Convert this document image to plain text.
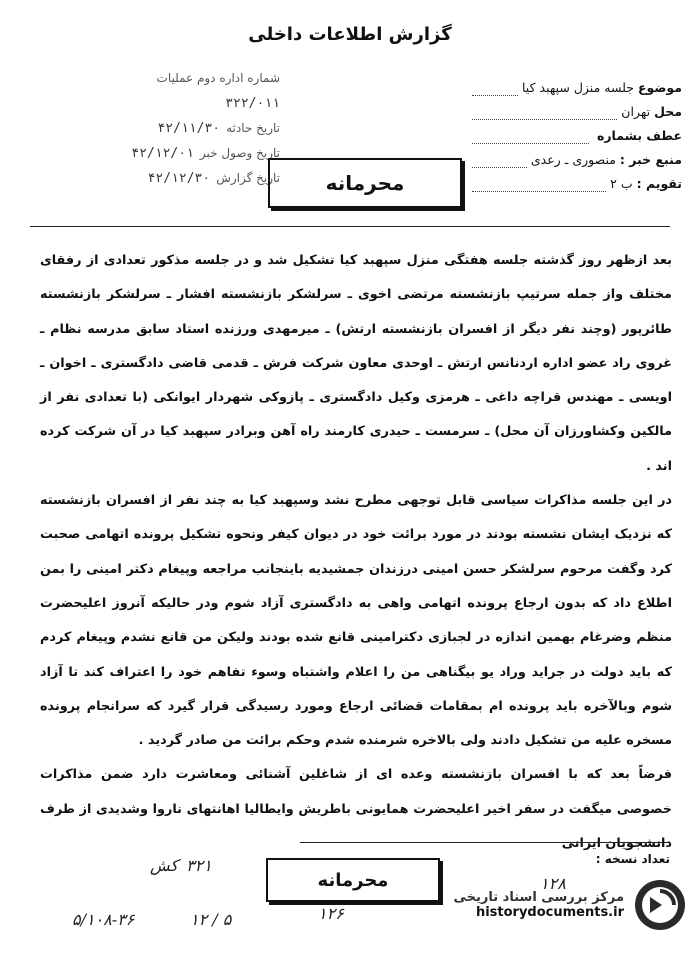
گزارش اطلاعات داخلی
موضوع
جلسه منزل سپهبد کیا
محل
تهران
عطف بشماره
منبع خبر :
منصوری ـ رعدی
تقویم :
ب ۲
شماره اداره دوم عملیات
۳۲۲/۰۱۱
تاریخ حادثه
۴۲/۱۱/۳۰
تاریخ وصول خبر
۴۲/۱۲/۰۱
تاریخ گزارش
۴۲/۱۲/۳۰	محرمانه

بعد ازظهر روز گذشته جلسه هفتگی منزل سپهبد کیا تشکیل شد و در جلسه مذکور تعدادی از رفقای مختلف واز جمله سرتیپ بازنشسته مرتضی اخوی ـ سرلشکر بازنشسته افشار ـ سرلشکر بازنشسته طائرپور (وچند نفر دیگر از افسران بازنشسته ارتش) ـ میرمهدی ورزنده استاد سابق مدرسه نظام ـ غروی راد عضو اداره اردنانس ارتش ـ اوحدی معاون شرکت فرش ـ قدمی قاضی دادگستری ـ اخوان ـ اویسی ـ مهندس قراچه داغی ـ هرمزی وکیل دادگستری ـ پازوکی شهردار ایوانکی (با تعدادی نفر از مالکین وکشاورزان آن محل) ـ سرمست ـ حیدری کارمند راه آهن وبرادر سپهبد کیا در آن شرکت کرده اند .

در این جلسه مذاکرات سیاسی قابل توجهی مطرح نشد وسپهبد کیا به چند نفر از افسران بازنشسته که نزدیک ایشان نشسته بودند در مورد برائت خود در دیوان کیفر ونحوه تشکیل پرونده اتهامی صحبت کرد وگفت مرحوم سرلشکر حسن امینی درزندان جمشیدیه باینجانب مراجعه وپیغام دکتر امینی را بمن اطلاع داد که بدون ارجاع پرونده اتهامی واهی به دادگستری آزاد شوم ودر حالیکه آنروز اعلیحضرت منظم وضرغام بهمین اندازه در لجبازی دکترامینی قانع شده بودند ولیکن من قانع نشدم وپیغام کردم که باید دولت در جراید وراد یو بیگناهی من را اعلام واشتباه وسوء تفاهم خود را اعتراف کند تا آزاد شوم وبالآخره باید پرونده ام بمقامات قضائی ارجاع ومورد رسیدگی قرار گیرد که سرانجام پرونده مسخره علیه من تشکیل دادند ولی بالاخره شرمنده شدم وحکم برائت من صادر گردید .

فرضاً بعد که با افسران بازنشسته وعده ای از شاغلین آشنائی ومعاشرت دارد ضمن مذاکرات خصوصی میگفت در سفر اخیر اعلیحضرت همایونی باطریش وایطالیا اهانتهای ناروا وشدیدی از طرف دانشجویان ایرانی

تعداد نسخه :
محرمانه
کش ۳۲۱
۱۲۸
۱۲۶
۵/۱۰۸-۳۶	۱۲ / ۵
مرکز بررسی اسناد تاریخی
historydocuments.ir
